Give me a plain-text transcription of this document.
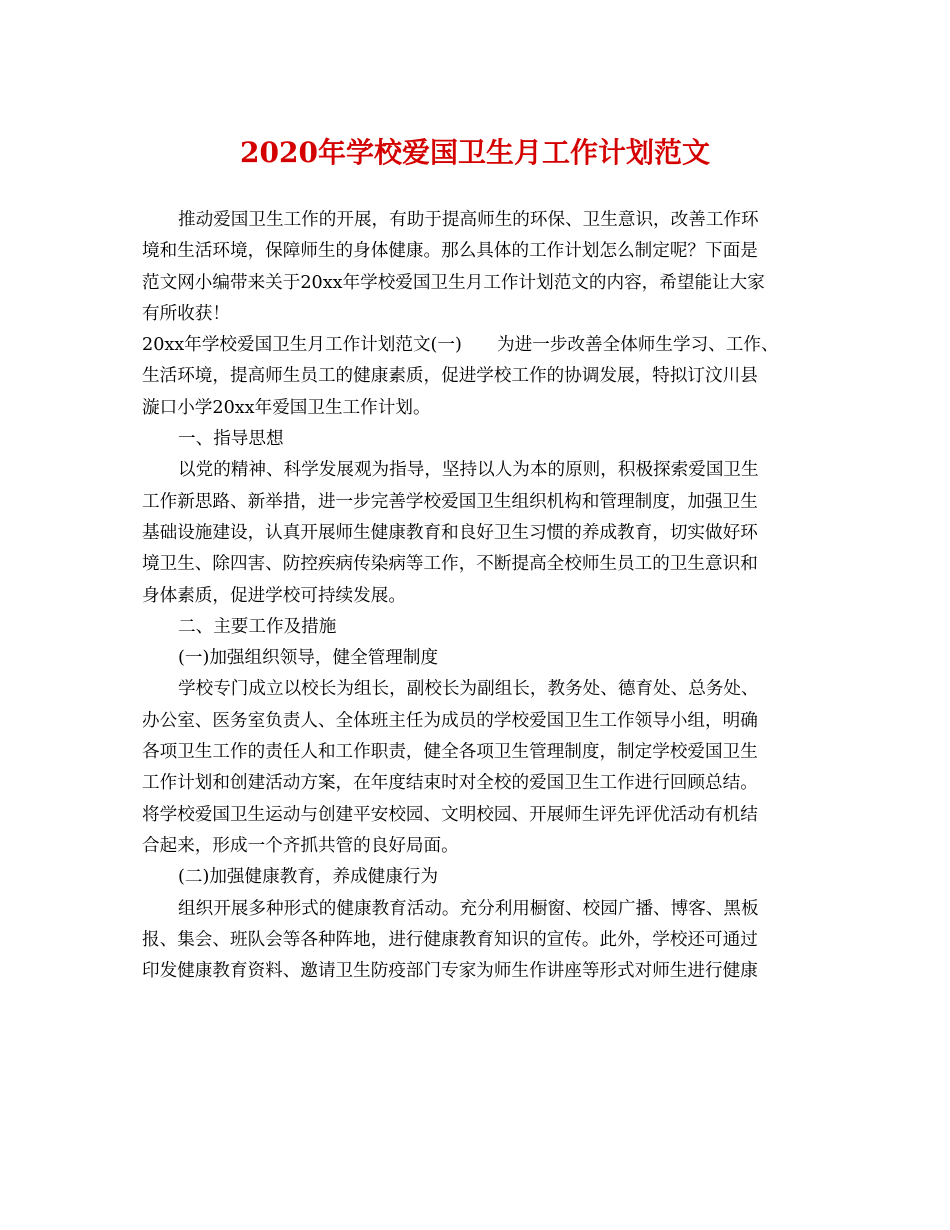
2020年学校爱国卫生月工作计划范文
推动爱国卫生工作的开展，有助于提高师生的环保、卫生意识，改善工作环
境和生活环境，保障师生的身体健康。那么具体的工作计划怎么制定呢？下面是
范文网小编带来关于20xx年学校爱国卫生月工作计划范文的内容，希望能让大家
有所收获！
20xx年学校爱国卫生月工作计划范文(一)　　为进一步改善全体师生学习、工作、
生活环境，提高师生员工的健康素质，促进学校工作的协调发展，特拟订汶川县
漩口小学20xx年爱国卫生工作计划。
一、指导思想
以党的精神、科学发展观为指导，坚持以人为本的原则，积极探索爱国卫生
工作新思路、新举措，进一步完善学校爱国卫生组织机构和管理制度，加强卫生
基础设施建设，认真开展师生健康教育和良好卫生习惯的养成教育，切实做好环
境卫生、除四害、防控疾病传染病等工作，不断提高全校师生员工的卫生意识和
身体素质，促进学校可持续发展。
二、主要工作及措施
(一)加强组织领导，健全管理制度
学校专门成立以校长为组长，副校长为副组长，教务处、德育处、总务处、
办公室、医务室负责人、全体班主任为成员的学校爱国卫生工作领导小组，明确
各项卫生工作的责任人和工作职责，健全各项卫生管理制度，制定学校爱国卫生
工作计划和创建活动方案，在年度结束时对全校的爱国卫生工作进行回顾总结。
将学校爱国卫生运动与创建平安校园、文明校园、开展师生评先评优活动有机结
合起来，形成一个齐抓共管的良好局面。
(二)加强健康教育，养成健康行为
组织开展多种形式的健康教育活动。充分利用橱窗、校园广播、博客、黑板
报、集会、班队会等各种阵地，进行健康教育知识的宣传。此外，学校还可通过
印发健康教育资料、邀请卫生防疫部门专家为师生作讲座等形式对师生进行健康
